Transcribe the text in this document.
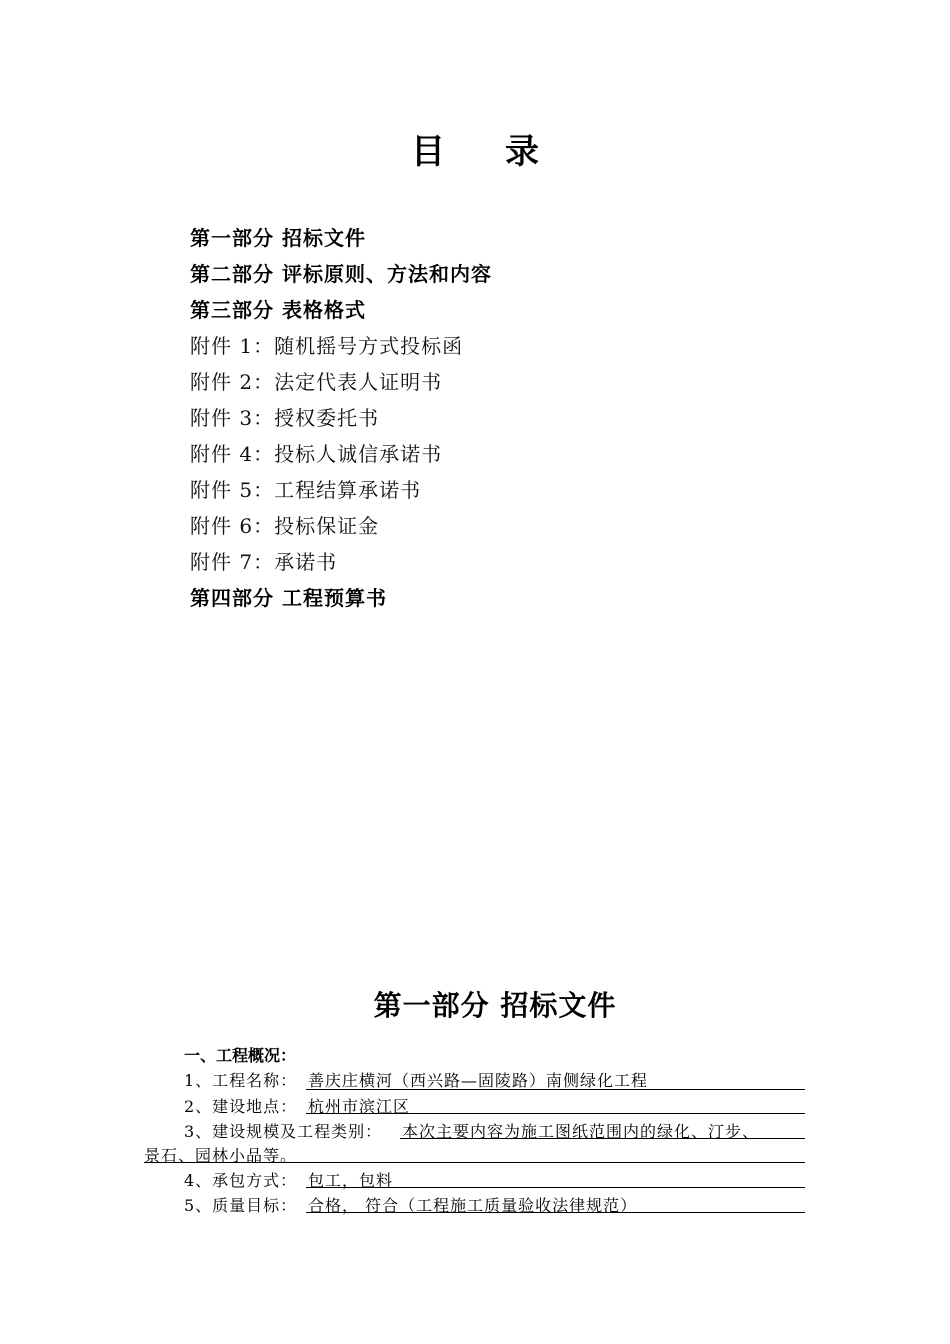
目录
第一部分 招标文件
第二部分 评标原则、方法和内容
第三部分 表格格式
附件 1：随机摇号方式投标函
附件 2：法定代表人证明书
附件 3：授权委托书
附件 4：投标人诚信承诺书
附件 5：工程结算承诺书
附件 6：投标保证金
附件 7：承诺书
第四部分 工程预算书
第一部分 招标文件
一、工程概况：
1、工程名称： 善庆庄横河（西兴路—固陵路）南侧绿化工程
2、建设地点： 杭州市滨江区
3、建设规模及工程类别： 本次主要内容为施工图纸范围内的绿化、汀步、
景石、园林小品等。
4、承包方式： 包工，包料
5、质量目标： 合格， 符合（工程施工质量验收法律规范）
